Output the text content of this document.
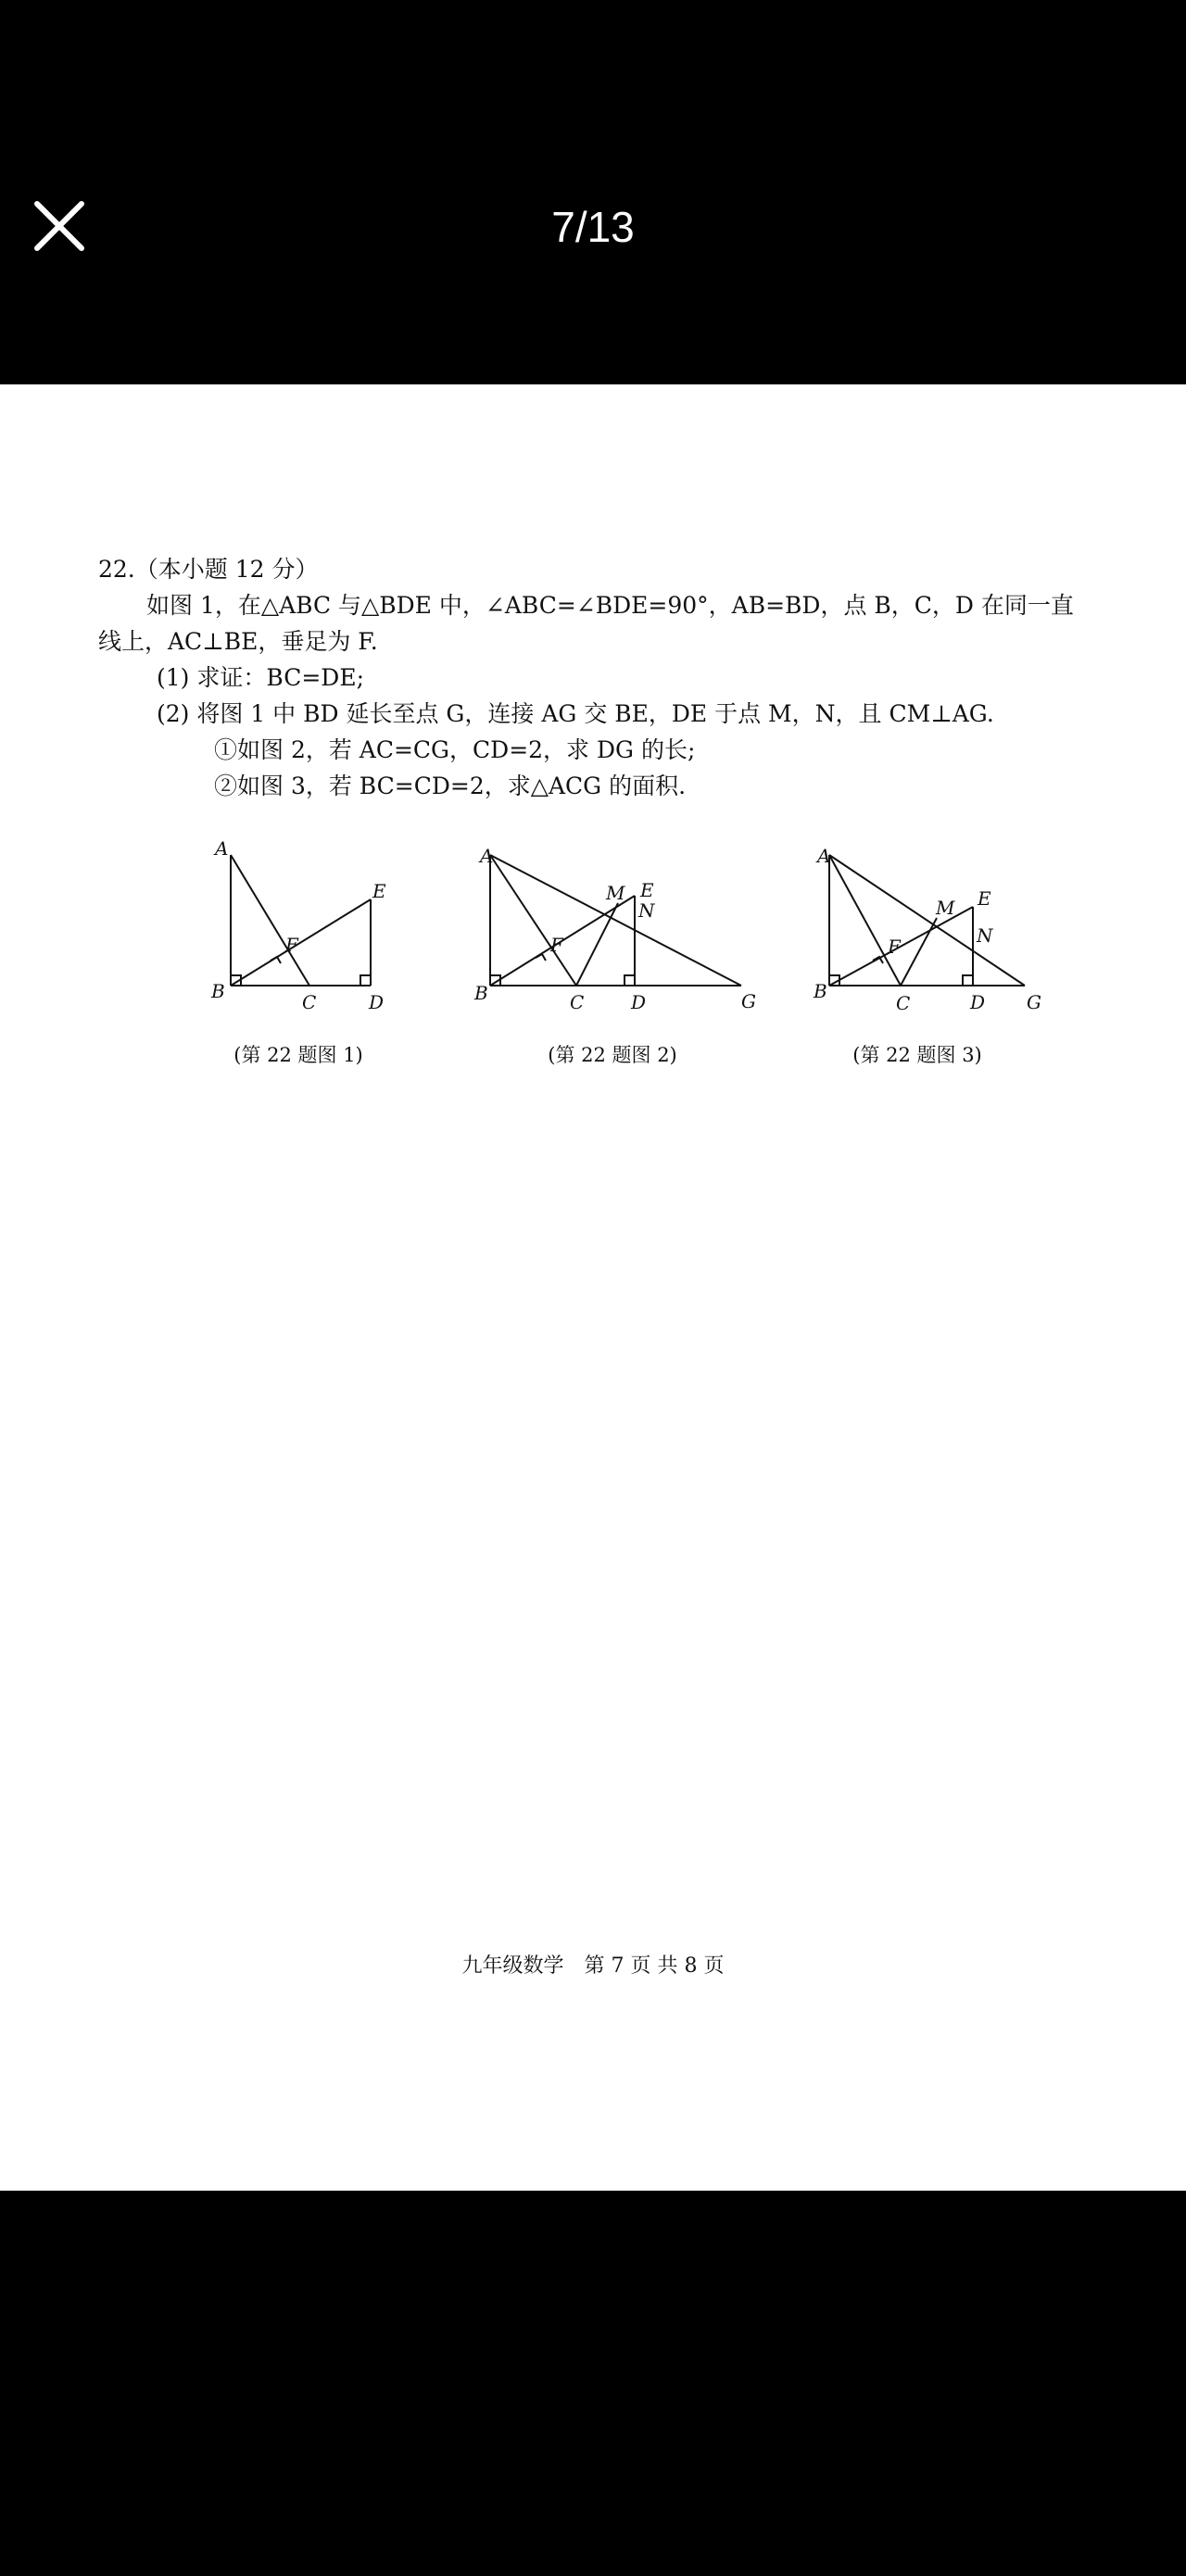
7/13

22.（本小题 12 分）

如图 1，在△ABC 与△BDE 中，∠ABC=∠BDE=90°，AB=BD，点 B，C，D 在同一直

线上，AC⊥BE，垂足为 F.

(1) 求证：BC=DE;

(2) 将图 1 中 BD 延长至点 G，连接 AG 交 BE，DE 于点 M，N，且 CM⊥AG.

①如图 2，若 AC=CG，CD=2，求 DG 的长;

②如图 3，若 BC=CD=2，求△ACG 的面积.

A
B	C	D
E
F
(第 22 题图 1)
A
B	C	D
E
F
G
M
N
(第 22 题图 2)
A
B
C	D
E
F
G
M
N
(第 22 题图 3)
九年级数学　第 7 页 共 8 页
